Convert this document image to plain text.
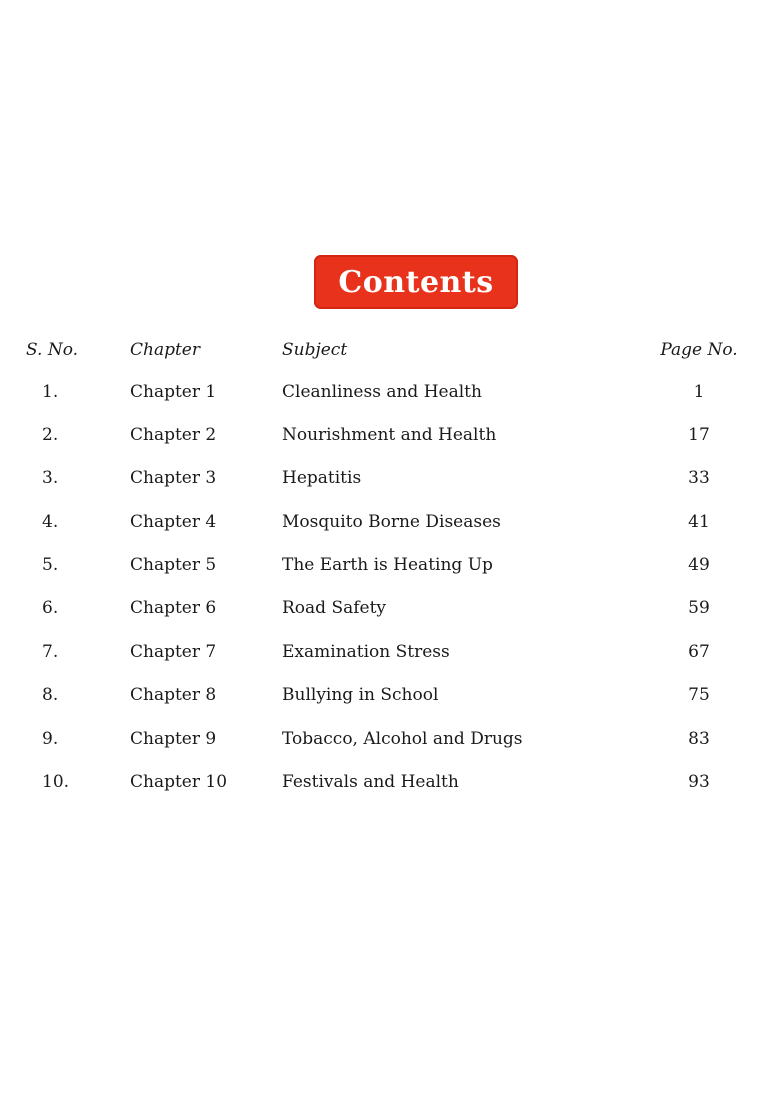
Contents
S. No.	Chapter	Subject	Page No.
1.	Chapter 1	Cleanliness and Health	1
2.	Chapter 2	Nourishment and Health	17
3.	Chapter 3	Hepatitis	33
4.	Chapter 4	Mosquito Borne Diseases	41
5.	Chapter 5	The Earth is Heating Up	49
6.	Chapter 6	Road Safety	59
7.	Chapter 7	Examination Stress	67
8.	Chapter 8	Bullying in School	75
9.	Chapter 9	Tobacco, Alcohol and Drugs	83
10.	Chapter 10	Festivals and Health	93
